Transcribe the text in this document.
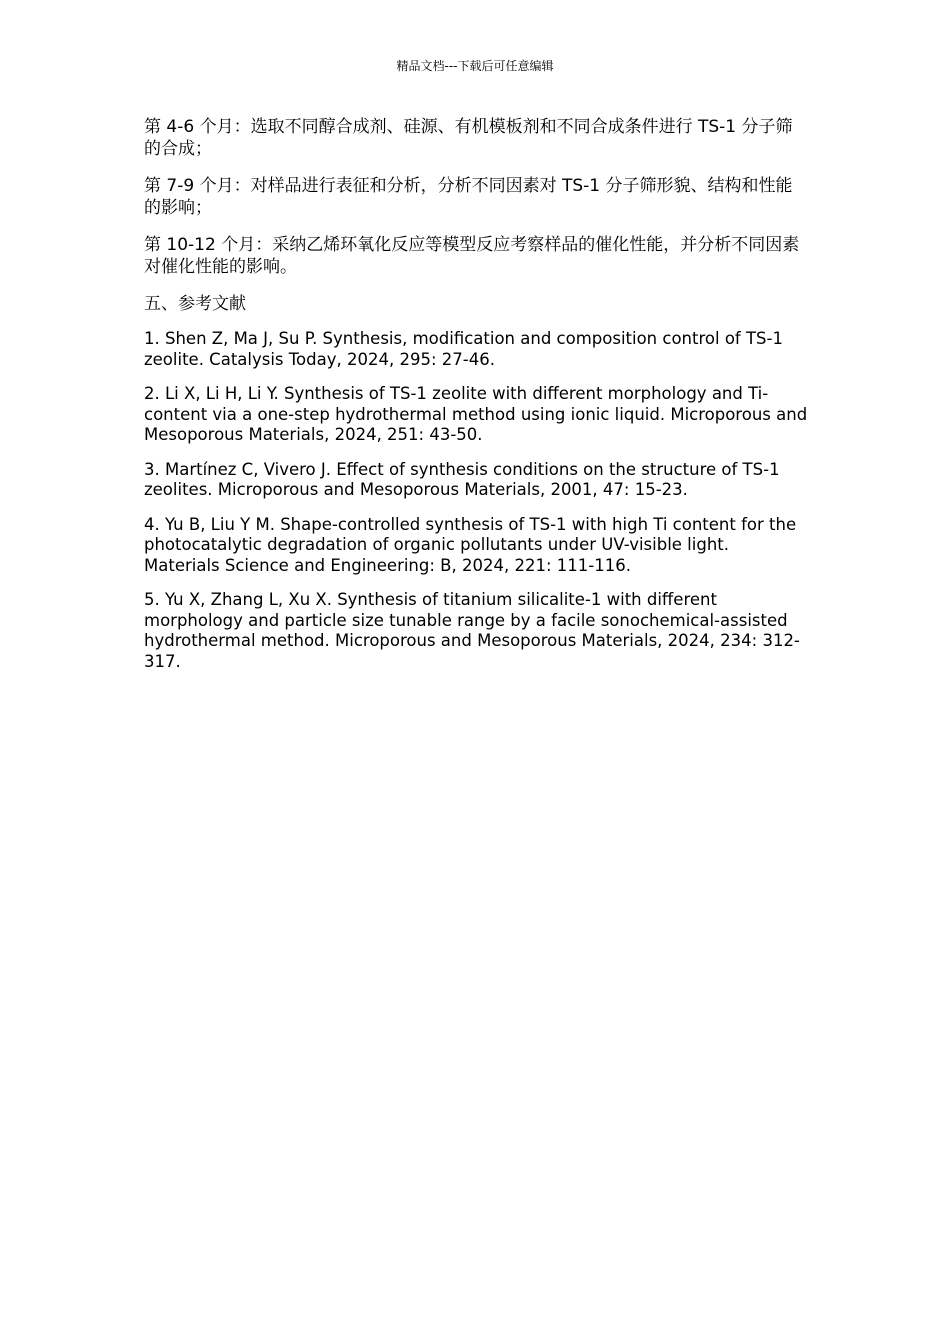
精品文档---下载后可任意编辑

第 4-6 个月：选取不同醇合成剂、硅源、有机模板剂和不同合成条件进行 TS-1 分子筛的合成；

第 7-9 个月：对样品进行表征和分析，分析不同因素对 TS-1 分子筛形貌、结构和性能的影响；

第 10-12 个月：采纳乙烯环氧化反应等模型反应考察样品的催化性能，并分析不同因素对催化性能的影响。

五、参考文献

1. Shen Z, Ma J, Su P. Synthesis, modification and composition control of TS-1 zeolite. Catalysis Today, 2024, 295: 27-46.

2. Li X, Li H, Li Y. Synthesis of TS-1 zeolite with different morphology and Ti-content via a one-step hydrothermal method using ionic liquid. Microporous and Mesoporous Materials, 2024, 251: 43-50.

3. Martínez C, Vivero J. Effect of synthesis conditions on the structure of TS-1 zeolites. Microporous and Mesoporous Materials, 2001, 47: 15-23.

4. Yu B, Liu Y M. Shape-controlled synthesis of TS-1 with high Ti content for the photocatalytic degradation of organic pollutants under UV-visible light. Materials Science and Engineering: B, 2024, 221: 111-116.

5. Yu X, Zhang L, Xu X. Synthesis of titanium silicalite-1 with different morphology and particle size tunable range by a facile sonochemical-assisted hydrothermal method. Microporous and Mesoporous Materials, 2024, 234: 312-317.
